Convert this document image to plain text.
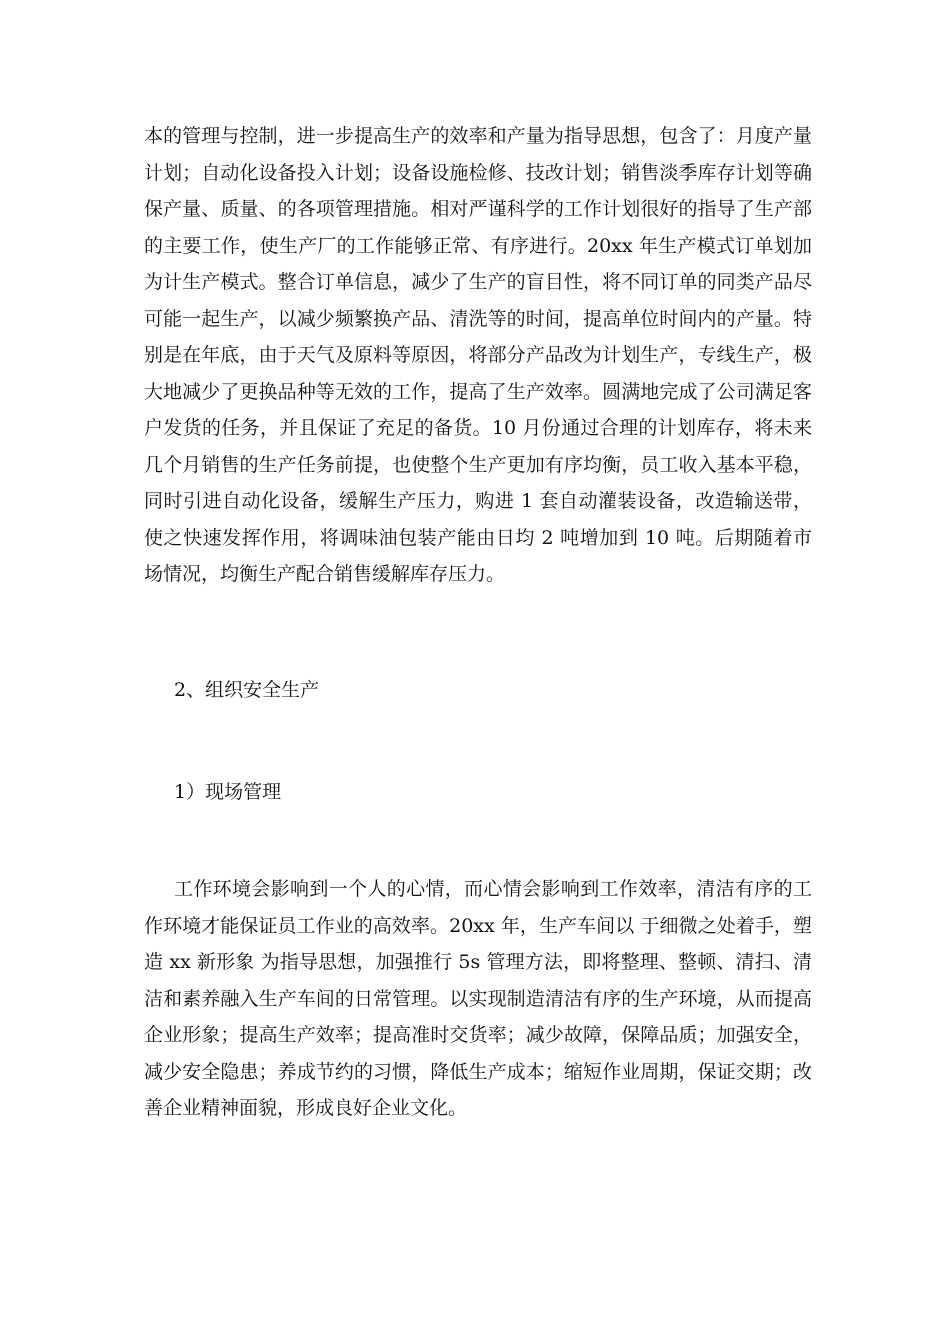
本的管理与控制，进一步提高生产的效率和产量为指导思想，包含了：月度产量计划；自动化设备投入计划；设备设施检修、技改计划；销售淡季库存计划等确保产量、质量、的各项管理措施。相对严谨科学的工作计划很好的指导了生产部的主要工作，使生产厂的工作能够正常、有序进行。20xx 年生产模式订单划加为计生产模式。整合订单信息，减少了生产的盲目性，将不同订单的同类产品尽可能一起生产，以减少频繁换产品、清洗等的时间，提高单位时间内的产量。特别是在年底，由于天气及原料等原因，将部分产品改为计划生产，专线生产，极大地减少了更换品种等无效的工作，提高了生产效率。圆满地完成了公司满足客户发货的任务，并且保证了充足的备货。10 月份通过合理的计划库存，将未来几个月销售的生产任务前提，也使整个生产更加有序均衡，员工收入基本平稳，同时引进自动化设备，缓解生产压力，购进 1 套自动灌装设备，改造输送带，使之快速发挥作用，将调味油包装产能由日均 2 吨增加到 10 吨。后期随着市场情况，均衡生产配合销售缓解库存压力。

2、组织安全生产

1）现场管理

工作环境会影响到一个人的心情，而心情会影响到工作效率，清洁有序的工作环境才能保证员工作业的高效率。20xx 年，生产车间以 于细微之处着手，塑造 xx 新形象 为指导思想，加强推行 5s 管理方法，即将整理、整顿、清扫、清洁和素养融入生产车间的日常管理。以实现制造清洁有序的生产环境，从而提高企业形象；提高生产效率；提高准时交货率；减少故障，保障品质；加强安全，减少安全隐患；养成节约的习惯，降低生产成本；缩短作业周期，保证交期；改善企业精神面貌，形成良好企业文化。
